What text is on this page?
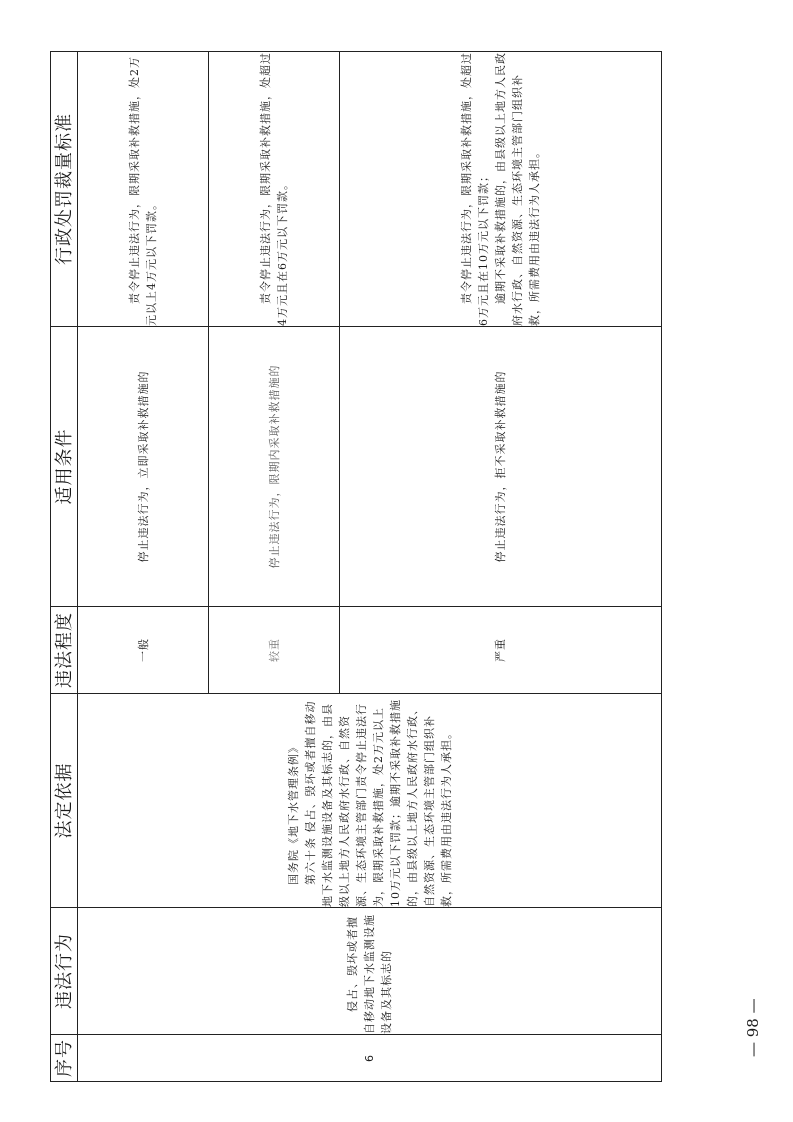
序号	违法行为	法定依据	违法程度	适用条件	行政处罚裁量标准
6	侵占、毁坏或者擅自移动地下水监测设施设备及其标志的	国务院《地下水管理条例》 第六十条 侵占、毁坏或者擅自移动地下水监测设施设备及其标志的，由县级以上地方人民政府水行政、自然资源、生态环境主管部门责令停止违法行为，限期采取补救措施，处2万元以上10万元以下罚款；逾期不采取补救措施的，由县级以上地方人民政府水行政、自然资源、生态环境主管部门组织补救，所需费用由违法行为人承担。	一般	停止违法行为，立即采取补救措施的	责令停止违法行为，限期采取补救措施，处2万元以上4万元以下罚款。

			较重	停止违法行为，限期内采取补救措施的	责令停止违法行为，限期采取补救措施，处超过4万元且在6万元以下罚款。

			严重	停止违法行为，拒不采取补救措施的	责令停止违法行为，限期采取补救措施，处超过6万元且在10万元以下罚款； 逾期不采取补救措施的，由县级以上地方人民政府水行政、自然资源、生态环境主管部门组织补救，所需费用由违法行为人承担。
— 98 —
